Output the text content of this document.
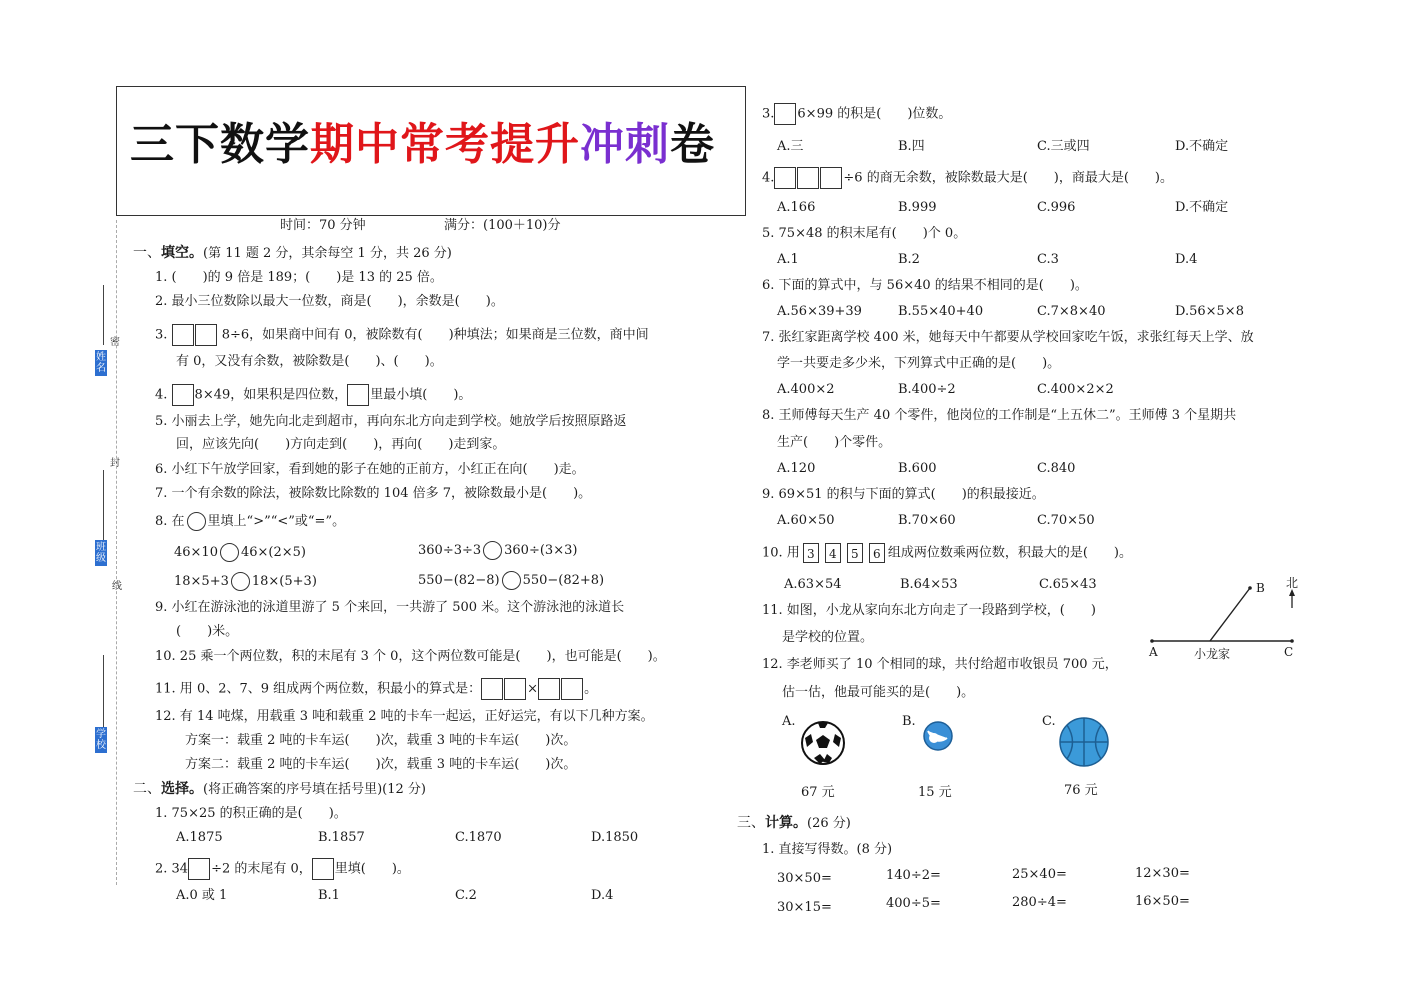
三下数学期中常考提升冲刺卷
时间：70 分钟	满分：(100＋10)分
密
封
线
姓名
班级
学校
一、填空。(第 11 题 2 分，其余每空 1 分，共 26 分)
1. (　　)的 9 倍是 189；(　　)是 13 的 25 倍。
2. 最小三位数除以最大一位数，商是(　　)，余数是(　　)。
3.	8÷6，如果商中间有 0，被除数有(　　)种填法；如果商是三位数，商中间
有 0，又没有余数，被除数是(　　)、(　　)。
4. 8×49，如果积是四位数， 里最小填(　　)。
5. 小丽去上学，她先向北走到超市，再向东北方向走到学校。她放学后按照原路返
回，应该先向(　　)方向走到(　　)，再向(　　)走到家。
6. 小红下午放学回家，看到她的影子在她的正前方，小红正在向(　　)走。
7. 一个有余数的除法，被除数比除数的 104 倍多 7，被除数最小是(　　)。
8. 在 里填上“>”“<”或“=”。
46×10 46×(2×5)	360÷3÷3 360÷(3×3)
18×5+3 18×(5+3)	550−(82−8) 550−(82+8)
9. 小红在游泳池的泳道里游了 5 个来回，一共游了 500 米。这个游泳池的泳道长
(　　)米。
10. 25 乘一个两位数，积的末尾有 3 个 0，这个两位数可能是(　　)，也可能是(　　)。
11. 用 0、2、7、9 组成两个两位数，积最小的算式是：	×	。
12. 有 14 吨煤，用载重 3 吨和载重 2 吨的卡车一起运，正好运完，有以下几种方案。
方案一：载重 2 吨的卡车运(　　)次，载重 3 吨的卡车运(　　)次。
方案二：载重 2 吨的卡车运(　　)次，载重 3 吨的卡车运(　　)次。
二、选择。(将正确答案的序号填在括号里)(12 分)
1. 75×25 的积正确的是(　　)。
A.1875	B.1857	C.1870	D.1850
2. 34 ÷2 的末尾有 0， 里填(　　)。
A.0 或 1	B.1	C.2	D.4
3. 6×99 的积是(　　)位数。
A.三	B.四	C.三或四	D.不确定
4.	÷6 的商无余数，被除数最大是(　　)，商最大是(　　)。
A.166	B.999	C.996	D.不确定
5. 75×48 的积末尾有(　　)个 0。
A.1	B.2	C.3	D.4
6. 下面的算式中，与 56×40 的结果不相同的是(　　)。
A.56×39+39	B.55×40+40	C.7×8×40	D.56×5×8
7. 张红家距离学校 400 米，她每天中午都要从学校回家吃午饭，求张红每天上学、放
学一共要走多少米，下列算式中正确的是(　　)。
A.400×2	B.400÷2	C.400×2×2
8. 王师傅每天生产 40 个零件，他岗位的工作制是“上五休二”。王师傅 3 个星期共
生产(　　)个零件。
A.120	B.600	C.840
9. 69×51 的积与下面的算式(　　)的积最接近。
A.60×50	B.70×60	C.70×50
10. 用 3 4 5 6 组成两位数乘两位数，积最大的是(　　)。
A.63×54	B.64×53	C.65×43
11. 如图，小龙从家向东北方向走了一段路到学校，(　　)
是学校的位置。
北
B
A	C
小龙家
12. 李老师买了 10 个相同的球，共付给超市收银员 700 元，
估一估，他最可能买的是(　　)。
A.
67 元
B.
15 元
C.
76 元
三、计算。(26 分)
1. 直接写得数。(8 分)
30×50=	140÷2=	25×40=	12×30=
30×15=	400÷5=	280÷4=	16×50=
